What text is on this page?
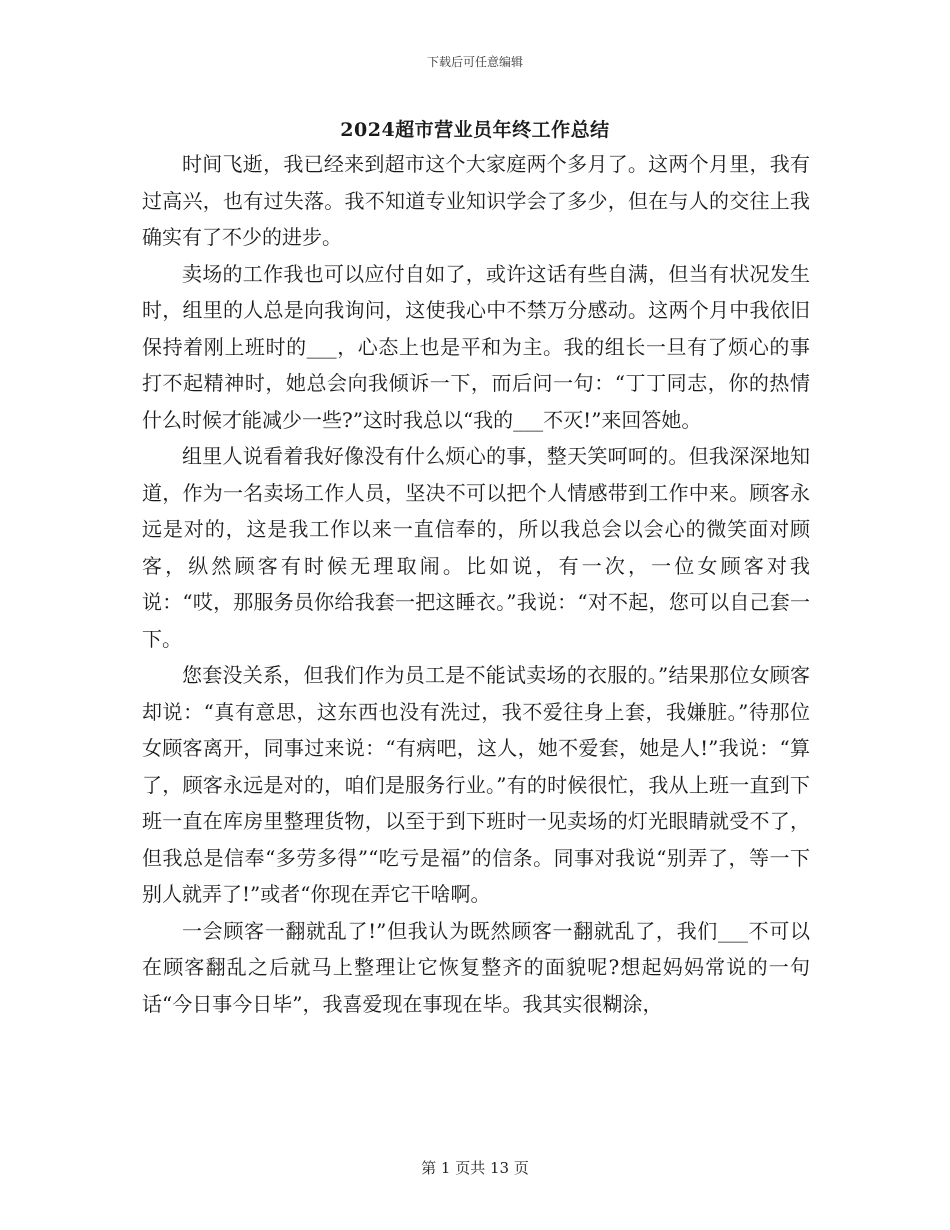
下载后可任意编辑
2024超市营业员年终工作总结

时间飞逝，我已经来到超市这个大家庭两个多月了。这两个月里，我有过高兴，也有过失落。我不知道专业知识学会了多少，但在与人的交往上我确实有了不少的进步。

卖场的工作我也可以应付自如了，或许这话有些自满，但当有状况发生时，组里的人总是向我询问，这使我心中不禁万分感动。这两个月中我依旧保持着刚上班时的___，心态上也是平和为主。我的组长一旦有了烦心的事打不起精神时，她总会向我倾诉一下，而后问一句：“丁丁同志，你的热情什么时候才能减少一些?”这时我总以“我的___不灭!”来回答她。

组里人说看着我好像没有什么烦心的事，整天笑呵呵的。但我深深地知道，作为一名卖场工作人员，坚决不可以把个人情感带到工作中来。顾客永远是对的，这是我工作以来一直信奉的，所以我总会以会心的微笑面对顾客，纵然顾客有时候无理取闹。比如说，有一次，一位女顾客对我说：“哎，那服务员你给我套一把这睡衣。”我说：“对不起，您可以自己套一下。

您套没关系，但我们作为员工是不能试卖场的衣服的。”结果那位女顾客却说：“真有意思，这东西也没有洗过，我不爱往身上套，我嫌脏。”待那位女顾客离开，同事过来说：“有病吧，这人，她不爱套，她是人!”我说：“算了，顾客永远是对的，咱们是服务行业。”有的时候很忙，我从上班一直到下班一直在库房里整理货物，以至于到下班时一见卖场的灯光眼睛就受不了，但我总是信奉“多劳多得”“吃亏是福”的信条。同事对我说“别弄了，等一下别人就弄了!”或者“你现在弄它干啥啊。

一会顾客一翻就乱了!”但我认为既然顾客一翻就乱了，我们___不可以在顾客翻乱之后就马上整理让它恢复整齐的面貌呢?想起妈妈常说的一句话“今日事今日毕”，我喜爱现在事现在毕。我其实很糊涂，

第 1 页共 13 页
